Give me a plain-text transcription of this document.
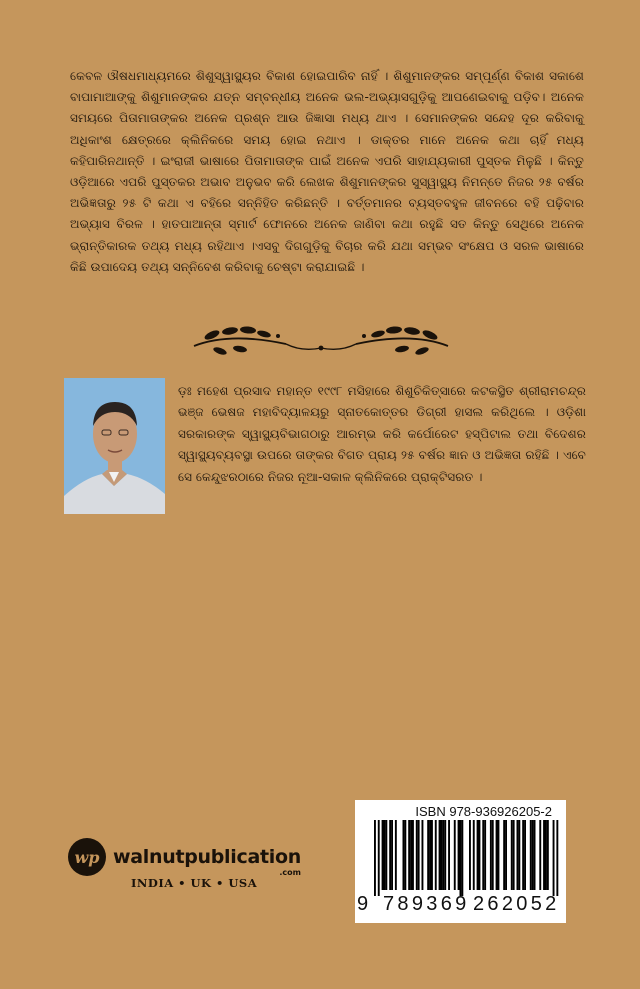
କେବଳ ଔଷଧମାଧ୍ୟମରେ ଶିଶୁସ୍ୱାସ୍ଥ୍ୟର ବିକାଶ ହୋଇପାରିବ ନାହିଁ । ଶିଶୁମାନଙ୍କର ସମ୍ପୂର୍ଣ୍ଣ ବିକାଶ ସକାଶେ ବାପାମାଆଙ୍କୁ ଶିଶୁମାନଙ୍କର ଯତ୍ନ ସମ୍ବନ୍ଧୀୟ ଅନେକ ଭଲ-ଅଭ୍ୟାସଗୁଡ଼ିକୁ ଆପଣେଇବାକୁ ପଡ଼ିବ। ଅନେକ ସମୟରେ ପିତାମାତାଙ୍କର ଅନେକ ପ୍ରଶ୍ନ ଆଉ ଜିଜ୍ଞାସା ମଧ୍ୟ ଥାଏ । ସେମାନଙ୍କର ସନ୍ଦେହ ଦୂର କରିବାକୁ ଅଧିକାଂଶ କ୍ଷେତ୍ରରେ କ୍ଲିନିକରେ ସମୟ ହୋଇ ନଥାଏ । ଡାକ୍ତର ମାନେ ଅନେକ କଥା ଚାହିଁ ମଧ୍ୟ କହିପାରିନଥାନ୍ତି । ଇଂରାଜୀ ଭାଷାରେ ପିତାମାତାଙ୍କ ପାଇଁ ଅନେକ ଏପରି ସାହାଯ୍ୟକାରୀ ପୁସ୍ତକ ମିଳୁଛି । କିନ୍ତୁ ଓଡ଼ିଆରେ ଏପରି ପୁସ୍ତକର ଅଭାବ ଅନୁଭବ କରି ଲେଖକ ଶିଶୁମାନଙ୍କର ସୁସ୍ୱାସ୍ଥ୍ୟ ନିମନ୍ତେ ନିଜର ୨୫ ବର୍ଷର ଅଭିଜ୍ଞତାରୁ ୨୫ ଟି କଥା ଏ ବହିରେ ସନ୍ନିହିତ କରିଛନ୍ତି । ବର୍ତ୍ତମାନର ବ୍ୟସ୍ତବହୁଳ ଜୀବନରେ ବହି ପଢ଼ିବାର ଅଭ୍ୟାସ ବିରଳ । ହାତପାଆନ୍ତା ସ୍ମାର୍ଟ ଫୋନରେ ଅନେକ ଜାଣିବା କଥା ରହୁଛି ସତ କିନ୍ତୁ ସେଥିରେ ଅନେକ ଭ୍ରାନ୍ତିକାରକ ତଥ୍ୟ ମଧ୍ୟ ରହିଥାଏ ।ଏସବୁ ଦିଗଗୁଡ଼ିକୁ ବିଚାର କରି ଯଥା ସମ୍ଭବ ସଂକ୍ଷେପ ଓ ସରଳ ଭାଷାରେ କିଛି ଉପାଦେୟ ତଥ୍ୟ ସନ୍ନିବେଶ କରିବାକୁ ଚେଷ୍ଟା କରାଯାଇଛି ।

ଡ଼ଃ ମହେଶ ପ୍ରସାଦ ମହାନ୍ତ ୧୯୯୮ ମସିହାରେ ଶିଶୁଚିକିତ୍ସାରେ କଟକସ୍ଥିତ ଶ୍ରୀରାମଚନ୍ଦ୍ର ଭଞ୍ଜ ଭେଷଜ ମହାବିଦ୍ୟାଳୟରୁ ସ୍ନାତକୋତ୍ତର ଡିଗ୍ରୀ ହାସଲ କରିଥିଲେ । ଓଡ଼ିଶା ସରକାରଙ୍କ ସ୍ୱାସ୍ଥ୍ୟବିଭାଗଠାରୁ ଆରମ୍ଭ କରି କର୍ପୋରେଟ ହସ୍ପିଟାଲ ତଥା ବିଦେଶର ସ୍ୱାସ୍ଥ୍ୟବ୍ୟବସ୍ଥା ଉପରେ ତାଙ୍କର ବିଗତ ପ୍ରାୟ ୨୫ ବର୍ଷର ଜ୍ଞାନ ଓ ଅଭିଜ୍ଞତା ରହିଛି । ଏବେ ସେ କେନ୍ଦୁଝରଠାରେ ନିଜର ନୂଆ-ସକାଳ କ୍ଲିନିକରେ ପ୍ରାକ୍ଟିସରତ ।

wp walnutpublication
.com
INDIA • UK • USA
ISBN 978-936926205-2
9 789369 262052
